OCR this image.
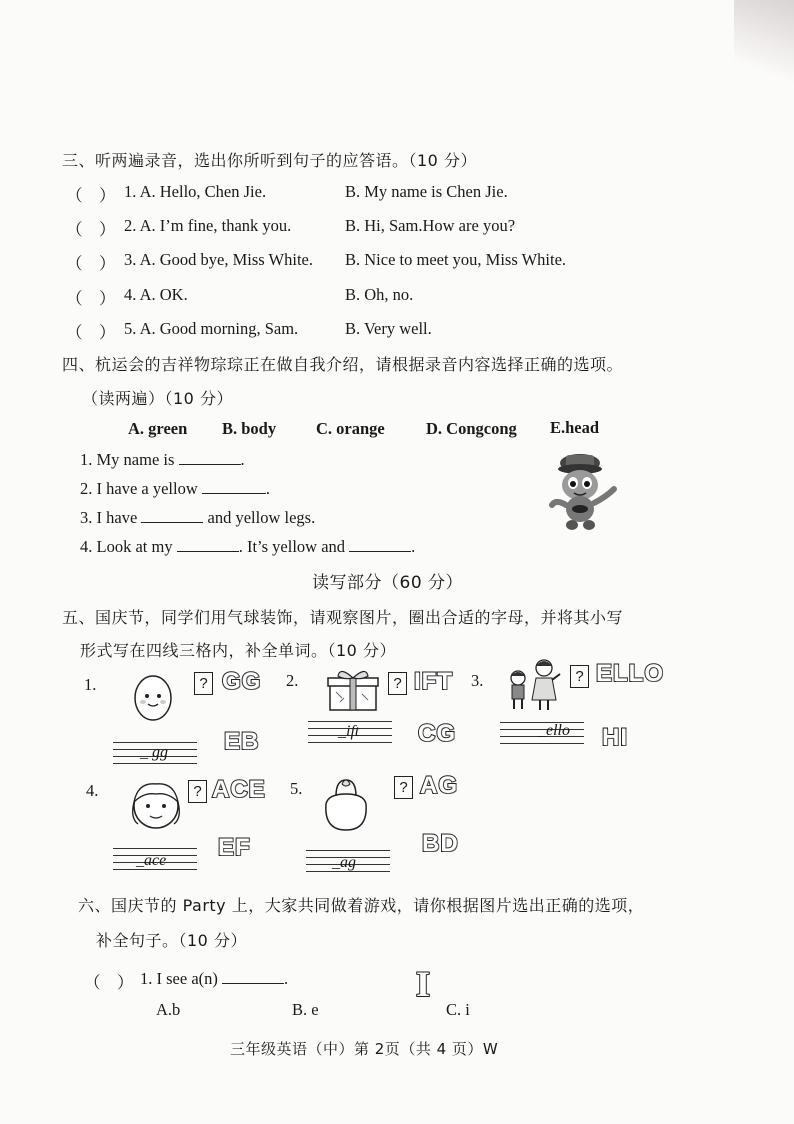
三、听两遍录音，选出你所听到句子的应答语。（10 分）
（　） 1. A. Hello, Chen Jie.	B. My name is Chen Jie.
（　） 2. A. I’m fine, thank you.	B. Hi, Sam.How are you?
（　） 3. A. Good bye, Miss White. B. Nice to meet you, Miss White.
（　） 4. A. OK.	B. Oh, no.
（　） 5. A. Good morning, Sam.	B. Very well.
四、杭运会的吉祥物琮琮正在做自我介绍，请根据录音内容选择正确的选项。
（读两遍）（10 分）
A. green B. body C. orange	D. Congcong E.head
1. My name is	.
2. I have a yellow	.
3. I have	and yellow legs.
4. Look at my	. It’s yellow and	.
读写部分（60 分）
五、国庆节，同学们用气球装饰，请观察图片，圈出合适的字母，并将其小写
形式写在四线三格内，补全单词。（10 分）
1.	? GG
_ gg EB
2.	? IFT 3.
_ift CG
? ELLO
_ello HI
4.	? ACE 5.
_ace EF
? AG
_ag
BD
六、国庆节的 Party 上，大家共同做着游戏，请你根据图片选出正确的选项，
补全句子。（10 分）
（　） 1. I see a(n)	.	I
A.b	B. e	C. i
三年级英语（中）第 2页（共 4 页）W
